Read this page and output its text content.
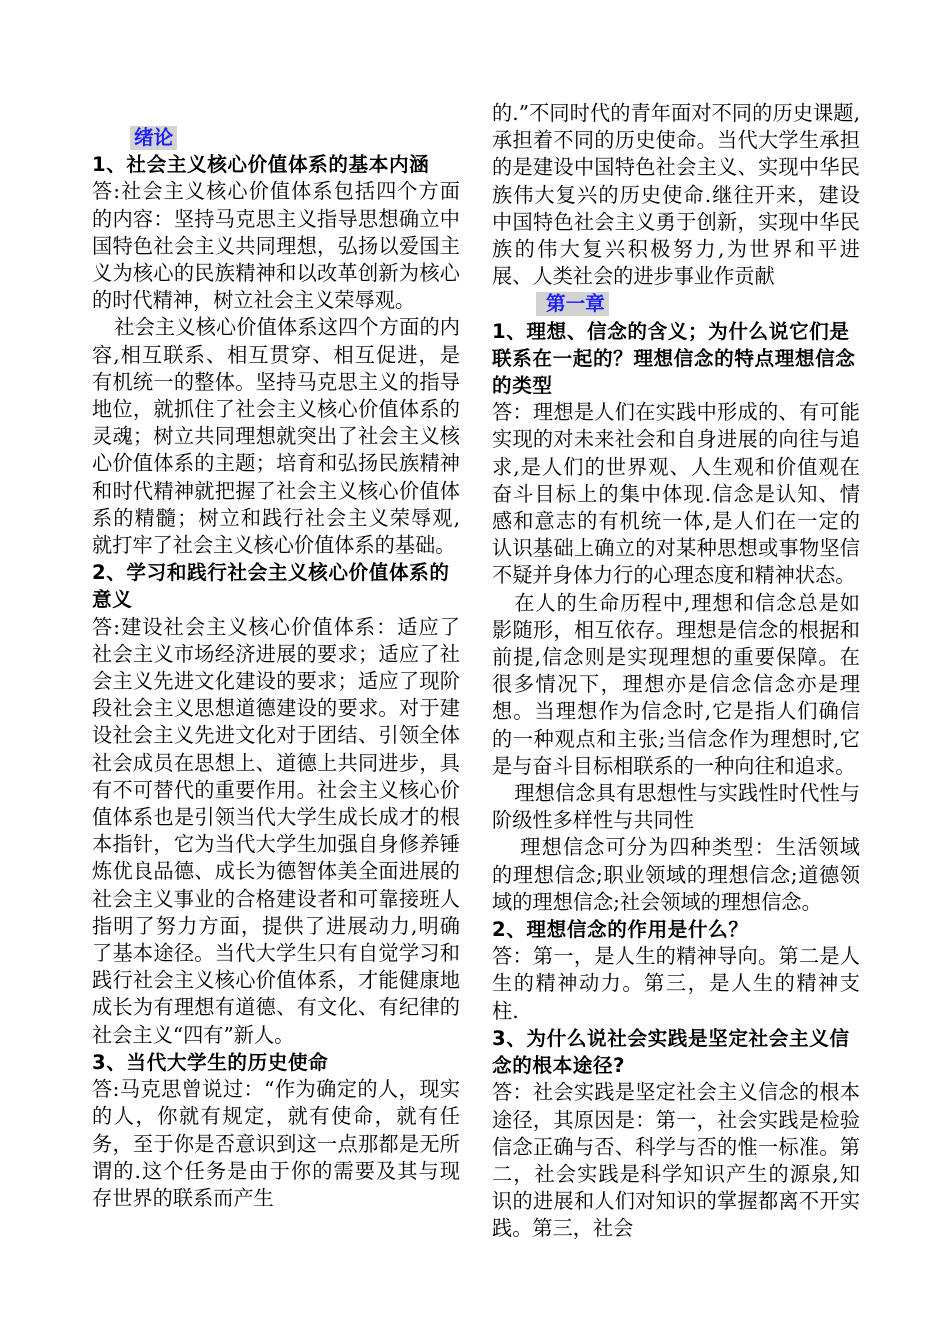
绪论

1、社会主义核心价值体系的基本内涵

答:社会主义核心价值体系包括四个方面的内容：坚持马克思主义指导思想确立中国特色社会主义共同理想，弘扬以爱国主义为核心的民族精神和以改革创新为核心的时代精神，树立社会主义荣辱观。

社会主义核心价值体系这四个方面的内容,相互联系、相互贯穿、相互促进，是有机统一的整体。坚持马克思主义的指导地位，就抓住了社会主义核心价值体系的灵魂；树立共同理想就突出了社会主义核心价值体系的主题；培育和弘扬民族精神和时代精神就把握了社会主义核心价值体系的精髓；树立和践行社会主义荣辱观,就打牢了社会主义核心价值体系的基础。

2、学习和践行社会主义核心价值体系的意义

答:建设社会主义核心价值体系：适应了社会主义市场经济进展的要求；适应了社会主义先进文化建设的要求；适应了现阶段社会主义思想道德建设的要求。对于建设社会主义先进文化对于团结、引领全体社会成员在思想上、道德上共同进步，具有不可替代的重要作用。社会主义核心价值体系也是引领当代大学生成长成才的根本指针，它为当代大学生加强自身修养锤炼优良品德、成长为德智体美全面进展的社会主义事业的合格建设者和可靠接班人指明了努力方面，提供了进展动力,明确了基本途径。当代大学生只有自觉学习和践行社会主义核心价值体系，才能健康地成长为有理想有道德、有文化、有纪律的社会主义“四有”新人。

3、当代大学生的历史使命

答:马克思曾说过：“作为确定的人，现实的人，你就有规定，就有使命，就有任务，至于你是否意识到这一点那都是无所谓的.这个任务是由于你的需要及其与现存世界的联系而产生

的.”不同时代的青年面对不同的历史课题,承担着不同的历史使命。当代大学生承担的是建设中国特色社会主义、实现中华民族伟大复兴的历史使命.继往开来，建设中国特色社会主义勇于创新，实现中华民族的伟大复兴积极努力,为世界和平进展、人类社会的进步事业作贡献

第一章

1、理想、信念的含义；为什么说它们是联系在一起的？理想信念的特点理想信念的类型

答：理想是人们在实践中形成的、有可能实现的对未来社会和自身进展的向往与追求,是人们的世界观、人生观和价值观在奋斗目标上的集中体现.信念是认知、情感和意志的有机统一体,是人们在一定的认识基础上确立的对某种思想或事物坚信不疑并身体力行的心理态度和精神状态。

在人的生命历程中,理想和信念总是如影随形，相互依存。理想是信念的根据和前提,信念则是实现理想的重要保障。在很多情况下，理想亦是信念信念亦是理想。当理想作为信念时,它是指人们确信的一种观点和主张;当信念作为理想时,它是与奋斗目标相联系的一种向往和追求。

理想信念具有思想性与实践性时代性与阶级性多样性与共同性

理想信念可分为四种类型：生活领域的理想信念;职业领域的理想信念;道德领域的理想信念;社会领域的理想信念。

2、理想信念的作用是什么？

答：第一，是人生的精神导向。第二是人生的精神动力。第三，是人生的精神支柱.

3、为什么说社会实践是坚定社会主义信念的根本途径?

答：社会实践是坚定社会主义信念的根本途径，其原因是：第一，社会实践是检验信念正确与否、科学与否的惟一标准。第二，社会实践是科学知识产生的源泉,知识的进展和人们对知识的掌握都离不开实践。第三，社会
